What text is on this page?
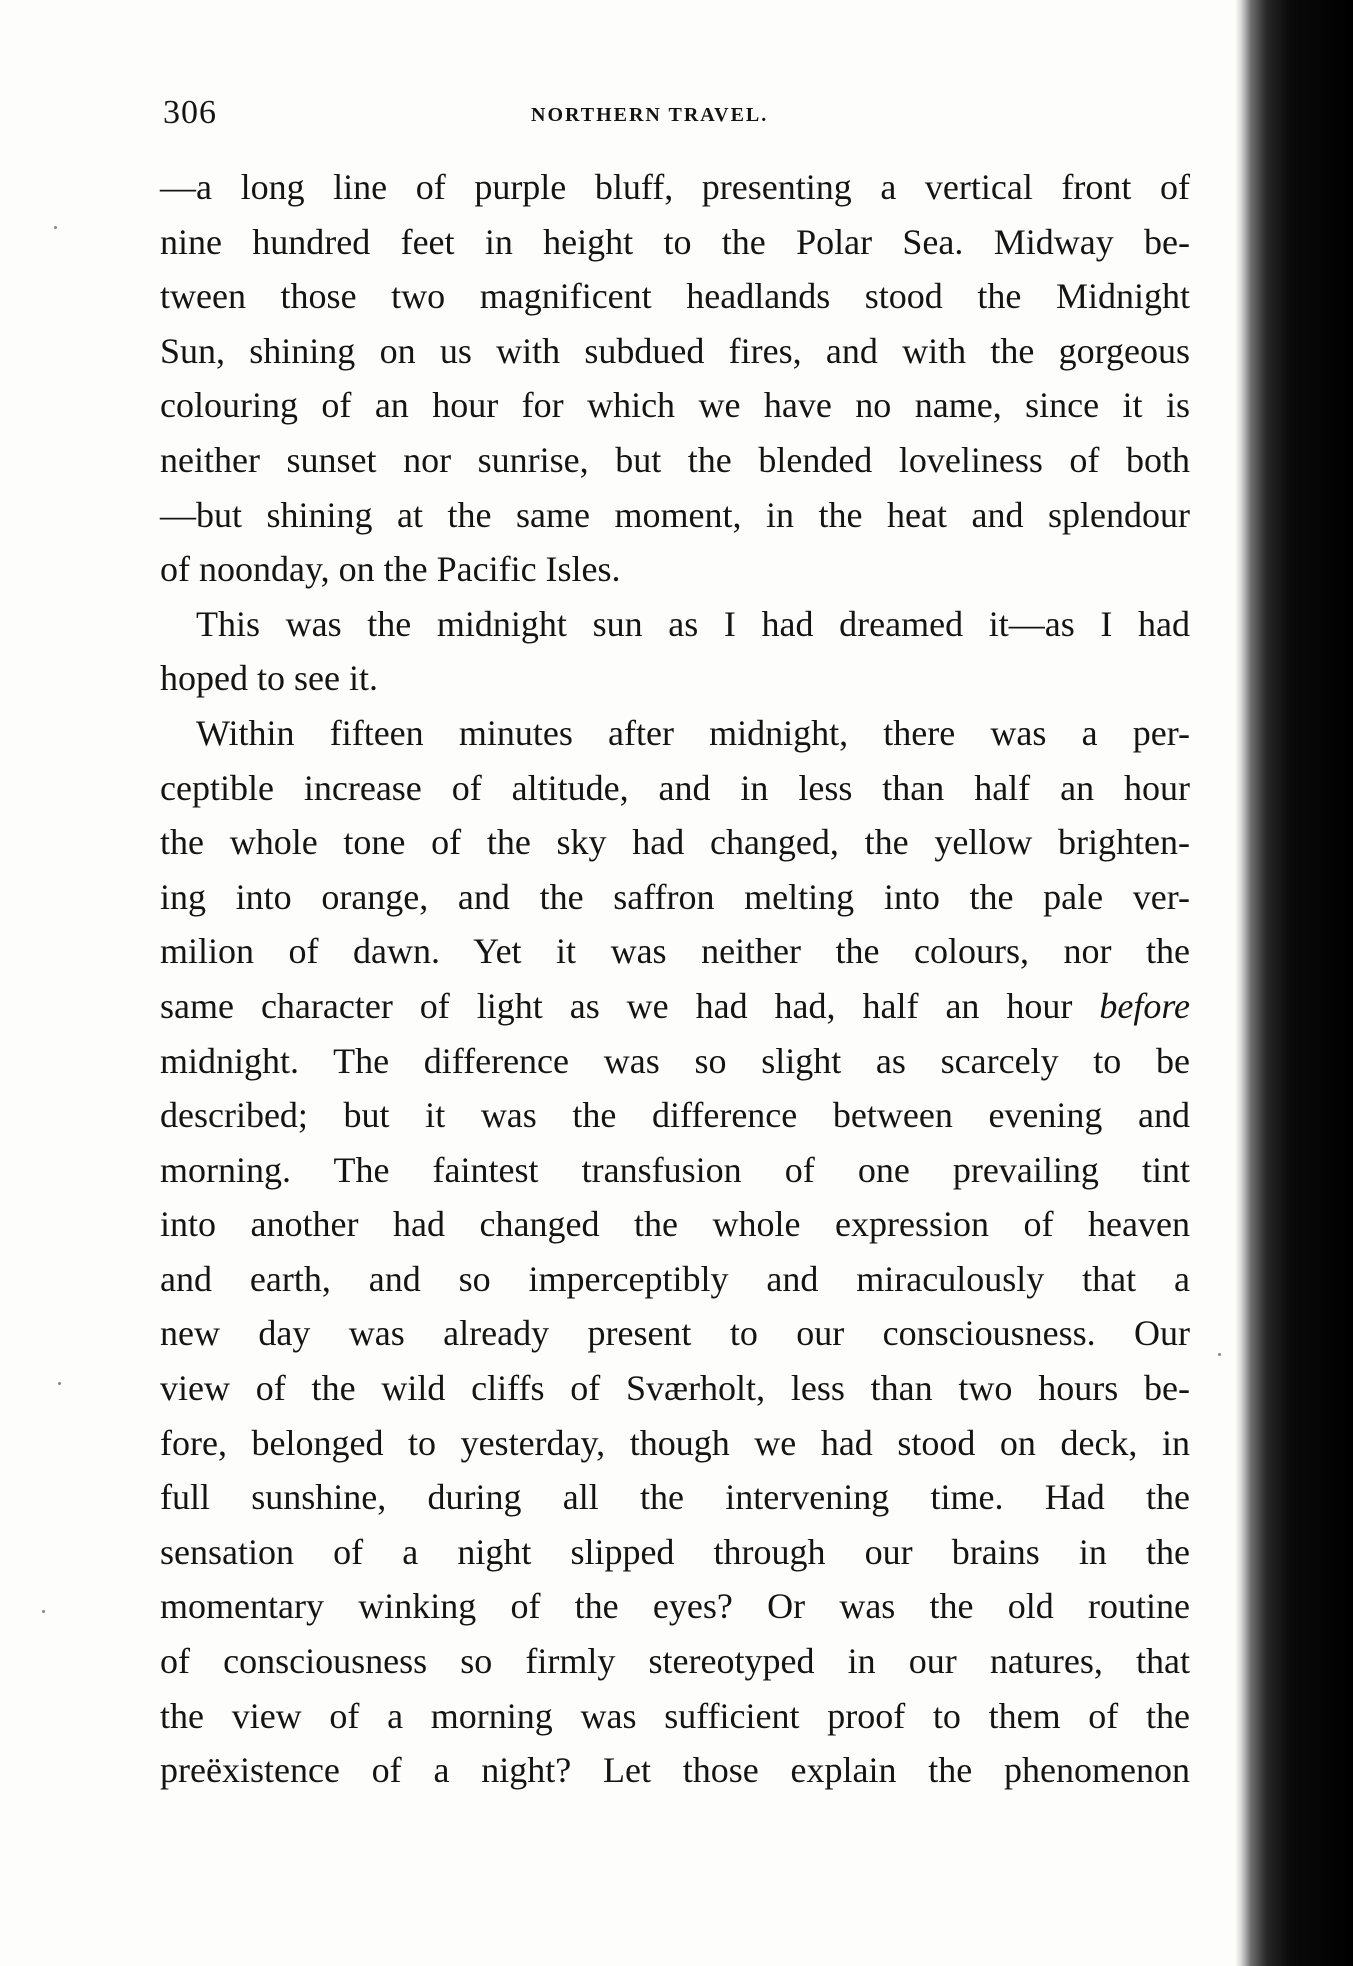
306	NORTHERN TRAVEL.

—a long line of purple bluff, presenting a vertical front of
nine hundred feet in height to the Polar Sea. Midway be-
tween those two magnificent headlands stood the Midnight
Sun, shining on us with subdued fires, and with the gorgeous
colouring of an hour for which we have no name, since it is
neither sunset nor sunrise, but the blended loveliness of both
—but shining at the same moment, in the heat and splendour
of noonday, on the Pacific Isles.

This was the midnight sun as I had dreamed it—as I had
hoped to see it.

Within fifteen minutes after midnight, there was a per-
ceptible increase of altitude, and in less than half an hour
the whole tone of the sky had changed, the yellow brighten-
ing into orange, and the saffron melting into the pale ver-
milion of dawn. Yet it was neither the colours, nor the
same character of light as we had had, half an hour before
midnight. The difference was so slight as scarcely to be
described; but it was the difference between evening and
morning. The faintest transfusion of one prevailing tint
into another had changed the whole expression of heaven
and earth, and so imperceptibly and miraculously that a
new day was already present to our consciousness. Our
view of the wild cliffs of Sværholt, less than two hours be-
fore, belonged to yesterday, though we had stood on deck, in
full sunshine, during all the intervening time. Had the
sensation of a night slipped through our brains in the
momentary winking of the eyes? Or was the old routine
of consciousness so firmly stereotyped in our natures, that
the view of a morning was sufficient proof to them of the
preëxistence of a night? Let those explain the phenomenon
